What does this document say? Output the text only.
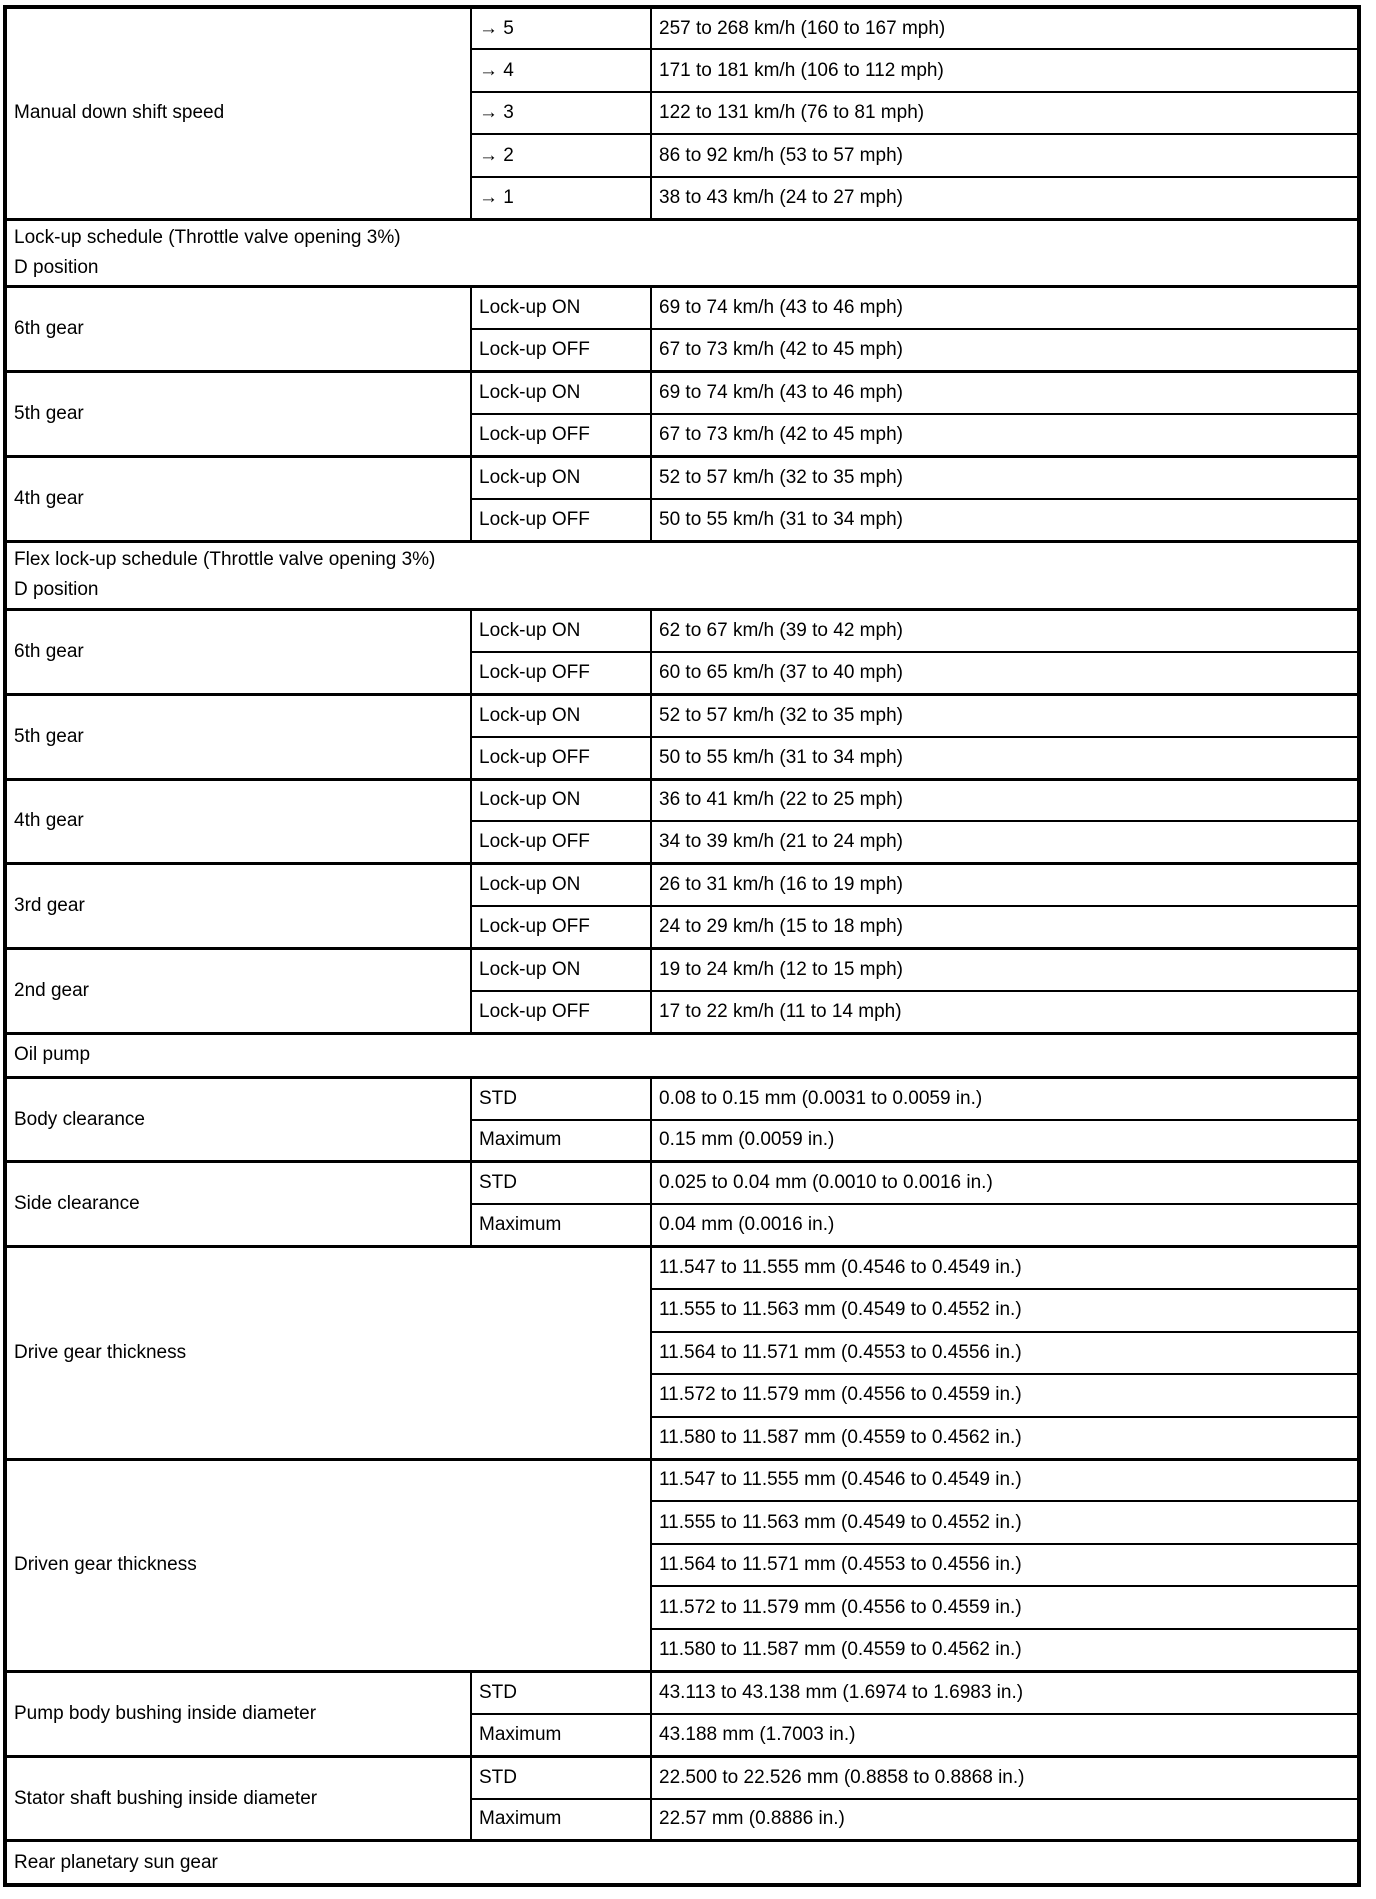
Manual down shift speed	→ 5	257 to 268 km/h (160 to 167 mph)
	→ 4	171 to 181 km/h (106 to 112 mph)
	→ 3	122 to 131 km/h (76 to 81 mph)
	→ 2	86 to 92 km/h (53 to 57 mph)
	→ 1	38 to 43 km/h (24 to 27 mph)

Lock-up schedule (Throttle valve opening 3%)
D position		

6th gear	Lock-up ON	69 to 74 km/h (43 to 46 mph)
	Lock-up OFF	67 to 73 km/h (42 to 45 mph)
5th gear	Lock-up ON	69 to 74 km/h (43 to 46 mph)
	Lock-up OFF	67 to 73 km/h (42 to 45 mph)
4th gear	Lock-up ON	52 to 57 km/h (32 to 35 mph)
	Lock-up OFF	50 to 55 km/h (31 to 34 mph)

Flex lock-up schedule (Throttle valve opening 3%)
D position		

6th gear	Lock-up ON	62 to 67 km/h (39 to 42 mph)
	Lock-up OFF	60 to 65 km/h (37 to 40 mph)
5th gear	Lock-up ON	52 to 57 km/h (32 to 35 mph)
	Lock-up OFF	50 to 55 km/h (31 to 34 mph)
4th gear	Lock-up ON	36 to 41 km/h (22 to 25 mph)
	Lock-up OFF	34 to 39 km/h (21 to 24 mph)
3rd gear	Lock-up ON	26 to 31 km/h (16 to 19 mph)
	Lock-up OFF	24 to 29 km/h (15 to 18 mph)
2nd gear	Lock-up ON	19 to 24 km/h (12 to 15 mph)
	Lock-up OFF	17 to 22 km/h (11 to 14 mph)
Oil pump		
Body clearance	STD	0.08 to 0.15 mm (0.0031 to 0.0059 in.)
	Maximum	0.15 mm (0.0059 in.)
Side clearance	STD	0.025 to 0.04 mm (0.0010 to 0.0016 in.)
	Maximum	0.04 mm (0.0016 in.)
Drive gear thickness		11.547 to 11.555 mm (0.4546 to 0.4549 in.)
		11.555 to 11.563 mm (0.4549 to 0.4552 in.)
		11.564 to 11.571 mm (0.4553 to 0.4556 in.)
		11.572 to 11.579 mm (0.4556 to 0.4559 in.)
		11.580 to 11.587 mm (0.4559 to 0.4562 in.)
Driven gear thickness		11.547 to 11.555 mm (0.4546 to 0.4549 in.)
		11.555 to 11.563 mm (0.4549 to 0.4552 in.)
		11.564 to 11.571 mm (0.4553 to 0.4556 in.)
		11.572 to 11.579 mm (0.4556 to 0.4559 in.)
		11.580 to 11.587 mm (0.4559 to 0.4562 in.)
Pump body bushing inside diameter	STD	43.113 to 43.138 mm (1.6974 to 1.6983 in.)
	Maximum	43.188 mm (1.7003 in.)
Stator shaft bushing inside diameter	STD	22.500 to 22.526 mm (0.8858 to 0.8868 in.)
	Maximum	22.57 mm (0.8886 in.)
Rear planetary sun gear		
